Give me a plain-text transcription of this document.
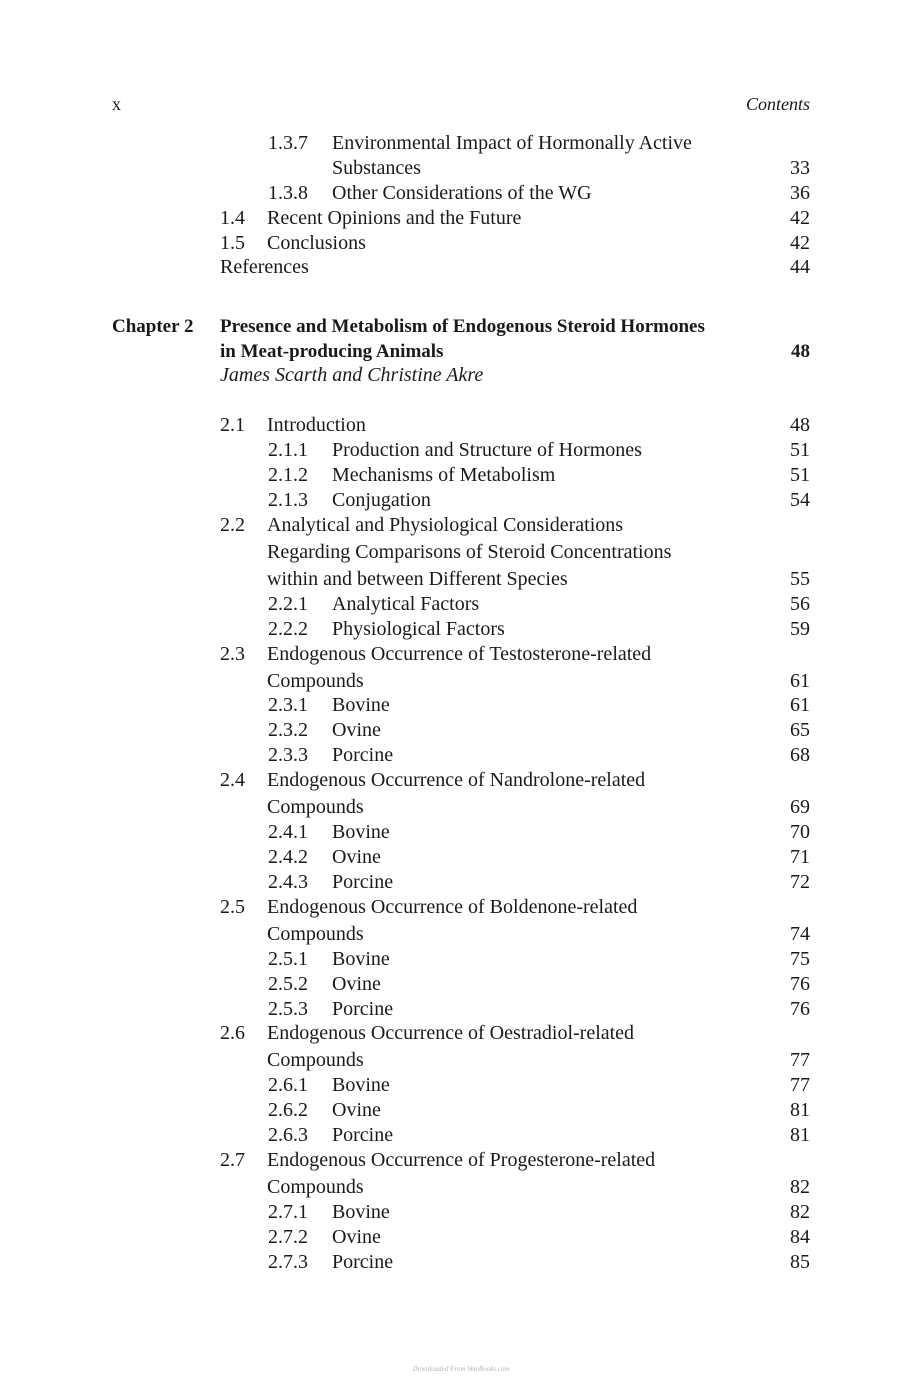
x	Contents
1.3.7 Environmental Impact of Hormonally Active
Substances	33
1.3.8 Other Considerations of the WG	36
1.4 Recent Opinions and the Future	42
1.5 Conclusions	42
References	44
Chapter 2 Presence and Metabolism of Endogenous Steroid Hormones
in Meat-producing Animals	48
James Scarth and Christine Akre
2.1 Introduction	48
2.1.1 Production and Structure of Hormones	51
2.1.2 Mechanisms of Metabolism	51
2.1.3 Conjugation	54
2.2 Analytical and Physiological Considerations
Regarding Comparisons of Steroid Concentrations
within and between Different Species	55
2.2.1 Analytical Factors	56
2.2.2 Physiological Factors	59
2.3 Endogenous Occurrence of Testosterone-related
Compounds	61
2.3.1 Bovine	61
2.3.2 Ovine	65
2.3.3 Porcine	68
2.4 Endogenous Occurrence of Nandrolone-related
Compounds	69
2.4.1 Bovine	70
2.4.2 Ovine	71
2.4.3 Porcine	72
2.5 Endogenous Occurrence of Boldenone-related
Compounds	74
2.5.1 Bovine	75
2.5.2 Ovine	76
2.5.3 Porcine	76
2.6 Endogenous Occurrence of Oestradiol-related
Compounds	77
2.6.1 Bovine	77
2.6.2 Ovine	81
2.6.3 Porcine	81
2.7 Endogenous Occurrence of Progesterone-related
Compounds	82
2.7.1 Bovine	82
2.7.2 Ovine	84
2.7.3 Porcine	85
Downloaded From VeteBooks.com
